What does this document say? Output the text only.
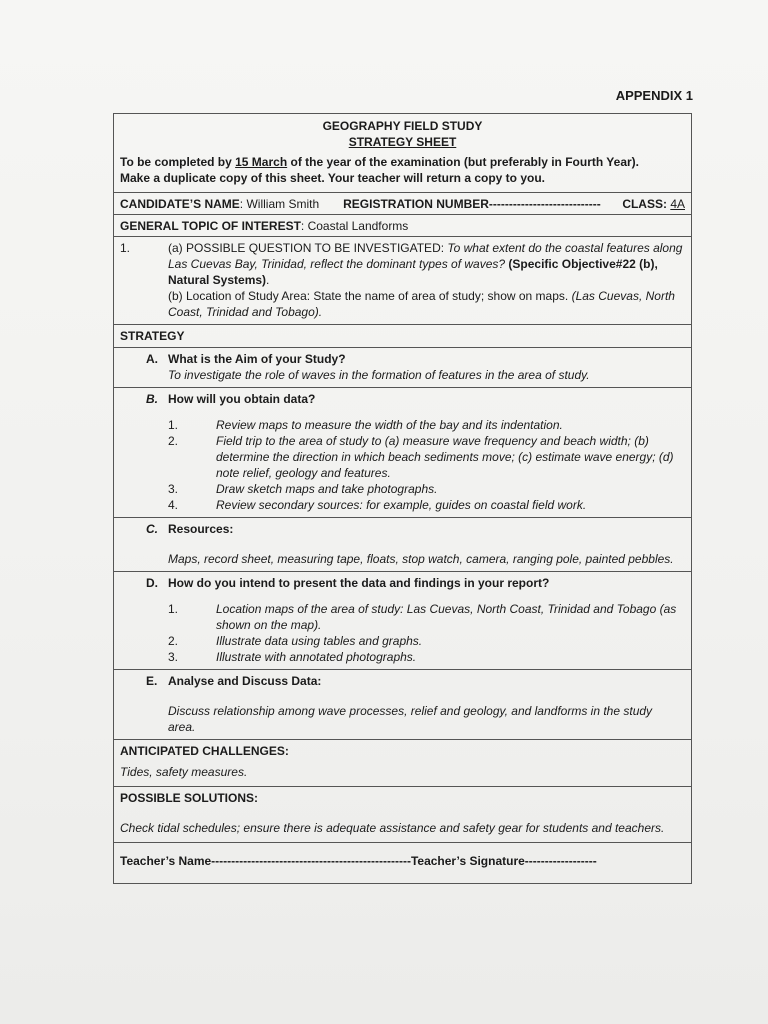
APPENDIX 1
GEOGRAPHY FIELD STUDY
STRATEGY SHEET
To be completed by 15 March of the year of the examination (but preferably in Fourth Year).
Make a duplicate copy of this sheet. Your teacher will return a copy to you.
CANDIDATE’S NAME: William Smith REGISTRATION NUMBER---------------------------- CLASS: 4A
GENERAL TOPIC OF INTEREST: Coastal Landforms
1.	(a) POSSIBLE QUESTION TO BE INVESTIGATED: To what extent do the coastal features along Las Cuevas Bay, Trinidad, reflect the dominant types of waves? (Specific Objective#22 (b), Natural Systems).
(b) Location of Study Area: State the name of area of study; show on maps. (Las Cuevas, North Coast, Trinidad and Tobago).
STRATEGY
A. What is the Aim of your Study?
To investigate the role of waves in the formation of features in the area of study.
B. How will you obtain data?
1.	Review maps to measure the width of the bay and its indentation.
2.	Field trip to the area of study to (a) measure wave frequency and beach width; (b) determine the direction in which beach sediments move; (c) estimate wave energy; (d) note relief, geology and features.
3.	Draw sketch maps and take photographs.
4.	Review secondary sources: for example, guides on coastal field work.
C. Resources:
Maps, record sheet, measuring tape, floats, stop watch, camera, ranging pole, painted pebbles.
D. How do you intend to present the data and findings in your report?
1.	Location maps of the area of study: Las Cuevas, North Coast, Trinidad and Tobago (as shown on the map).
2.	Illustrate data using tables and graphs.
3.	Illustrate with annotated photographs.
E. Analyse and Discuss Data:
Discuss relationship among wave processes, relief and geology, and landforms in the study area.
ANTICIPATED CHALLENGES:
Tides, safety measures.
POSSIBLE SOLUTIONS:
Check tidal schedules; ensure there is adequate assistance and safety gear for students and teachers.
Teacher’s Name-------------------------------------------------- Teacher’s Signature------------------
